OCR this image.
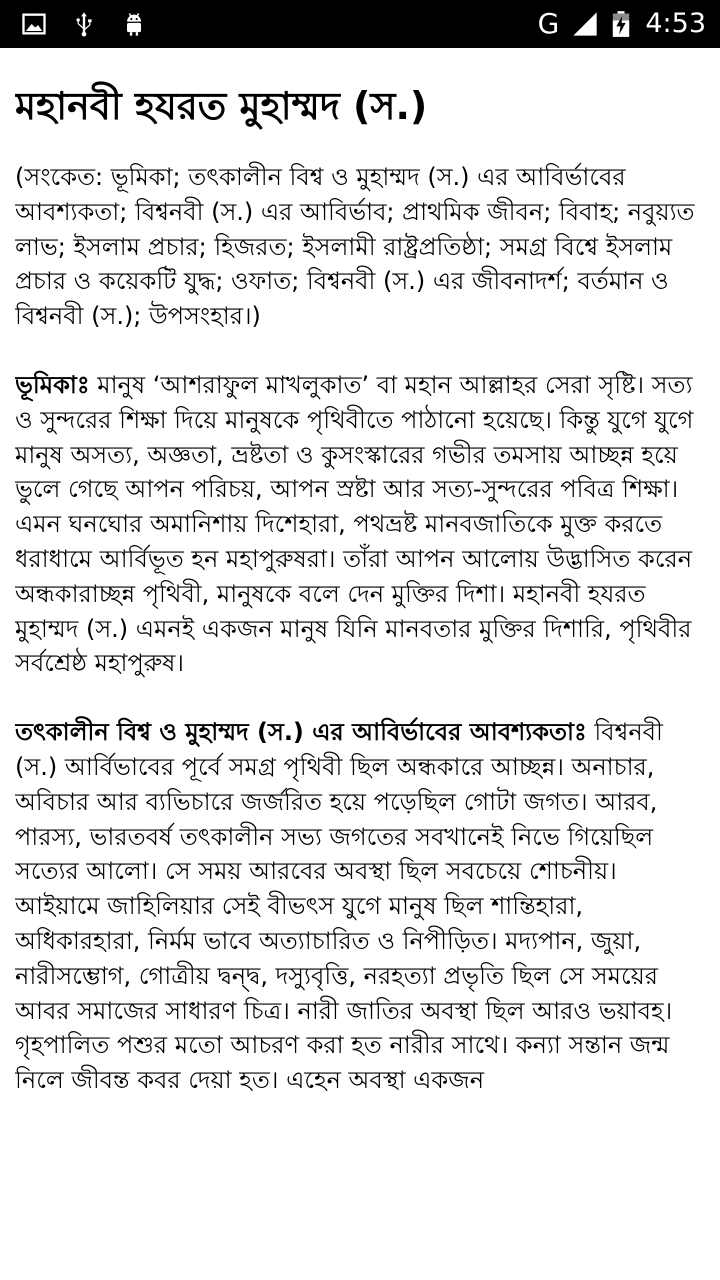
G	4:53
মহানবী হযরত মুহাম্মদ (স.)

(সংকেত: ভূমিকা; তৎকালীন বিশ্ব ও মুহাম্মদ (স.) এর আবির্ভাবের আবশ্যকতা; বিশ্বনবী (স.) এর আবির্ভাব; প্রাথমিক জীবন; বিবাহ; নবুয়্যত লাভ; ইসলাম প্রচার; হিজরত; ইসলামী রাষ্ট্রপ্রতিষ্ঠা; সমগ্র বিশ্বে ইসলাম প্রচার ও কয়েকটি যুদ্ধ; ওফাত; বিশ্বনবী (স.) এর জীবনাদর্শ; বর্তমান ও বিশ্বনবী (স.); উপসংহার।)

ভূমিকাঃ মানুষ ‘আশরাফুল মাখলুকাত’ বা মহান আল্লাহর সেরা সৃষ্টি। সত্য ও সুন্দরের শিক্ষা দিয়ে মানুষকে পৃথিবীতে পাঠানো হয়েছে। কিন্তু যুগে যুগে মানুষ অসত্য, অজ্ঞতা, ভ্রষ্টতা ও কুসংস্কারের গভীর তমসায় আচ্ছন্ন হয়ে ভুলে গেছে আপন পরিচয়, আপন স্রষ্টা আর সত্য-সুন্দরের পবিত্র শিক্ষা। এমন ঘনঘোর অমানিশায় দিশেহারা, পথভ্রষ্ট মানবজাতিকে মুক্ত করতে ধরাধামে আর্বিভূত হন মহাপুরুষরা। তাঁরা আপন আলোয় উদ্ভাসিত করেন অন্ধকারাচ্ছন্ন পৃথিবী, মানুষকে বলে দেন মুক্তির দিশা। মহানবী হযরত মুহাম্মদ (স.) এমনই একজন মানুষ যিনি মানবতার মুক্তির দিশারি, পৃথিবীর সর্বশ্রেষ্ঠ মহাপুরুষ।

তৎকালীন বিশ্ব ও মুহাম্মদ (স.) এর আবির্ভাবের আবশ্যকতাঃ বিশ্বনবী (স.) আর্বিভাবের পূর্বে সমগ্র পৃথিবী ছিল অন্ধকারে আচ্ছন্ন। অনাচার, অবিচার আর ব্যভিচারে জর্জরিত হয়ে পড়েছিল গোটা জগত। আরব, পারস্য, ভারতবর্ষ তৎকালীন সভ্য জগতের সবখানেই নিভে গিয়েছিল সত্যের আলো। সে সময় আরবের অবস্থা ছিল সবচেয়ে শোচনীয়। আইয়ামে জাহিলিয়ার সেই বীভৎস যুগে মানুষ ছিল শান্তিহারা, অধিকারহারা, নির্মম ভাবে অত্যাচারিত ও নিপীড়িত। মদ্যপান, জুয়া, নারীসম্ভোগ, গোত্রীয় দ্বন্দ্ব, দস্যুবৃত্তি, নরহত্যা প্রভৃতি ছিল সে সময়ের আবর সমাজের সাধারণ চিত্র। নারী জাতির অবস্থা ছিল আরও ভয়াবহ। গৃহপালিত পশুর মতো আচরণ করা হত নারীর সাথে। কন্যা সন্তান জন্ম নিলে জীবন্ত কবর দেয়া হত। এহেন অবস্থা একজন
